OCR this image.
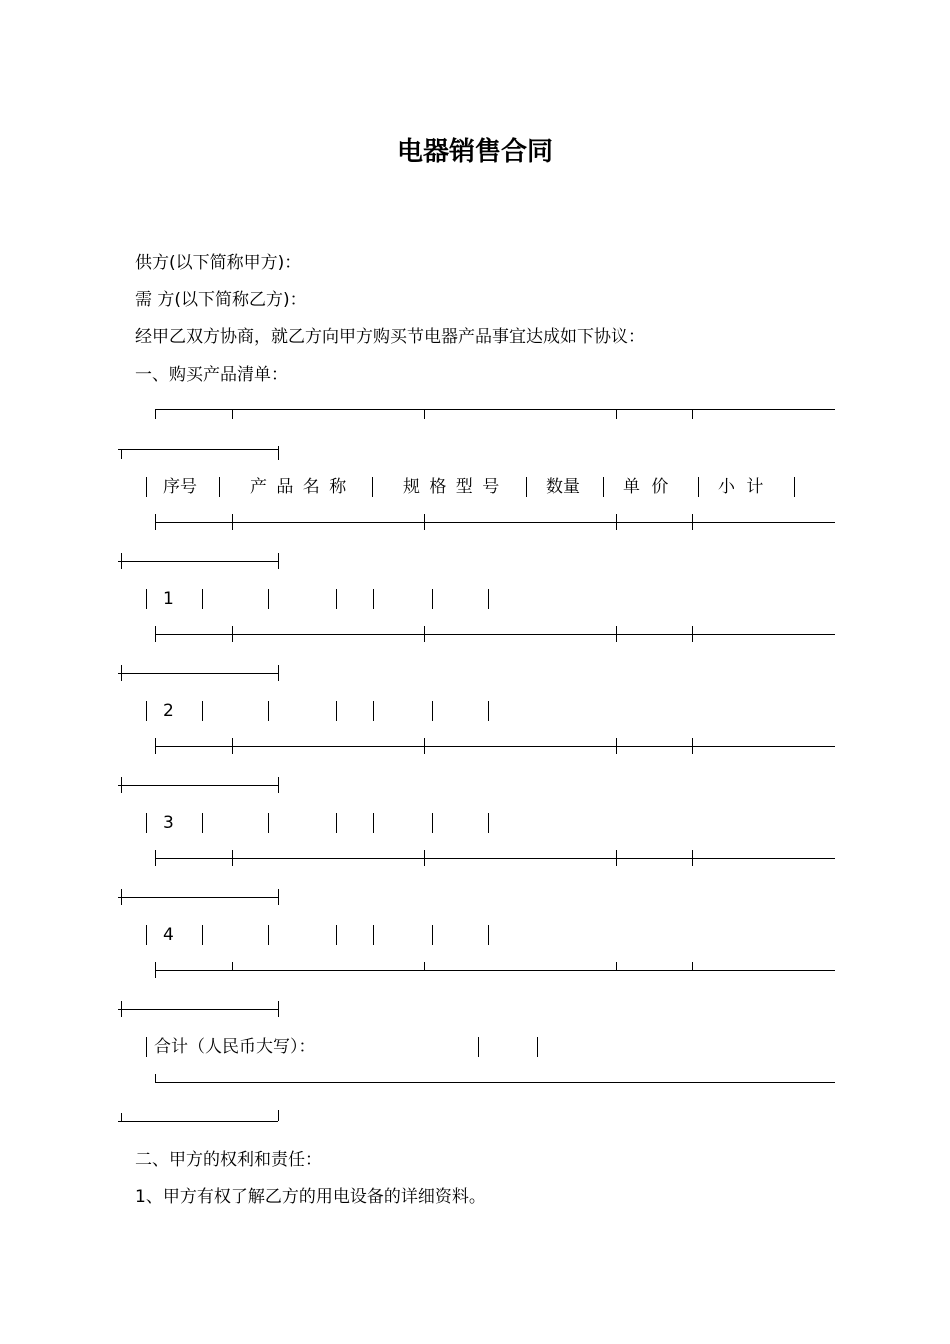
电器销售合同
供方(以下简称甲方)：
需 方(以下简称乙方)：
经甲乙双方协商，就乙方向甲方购买节电器产品事宜达成如下协议：
一、购买产品清单：
序号	产 品 名 称	规 格 型 号	数量	单 价	小 计
1
2
3
4
合计（人民币大写）：
二、甲方的权利和责任：
1、甲方有权了解乙方的用电设备的详细资料。
